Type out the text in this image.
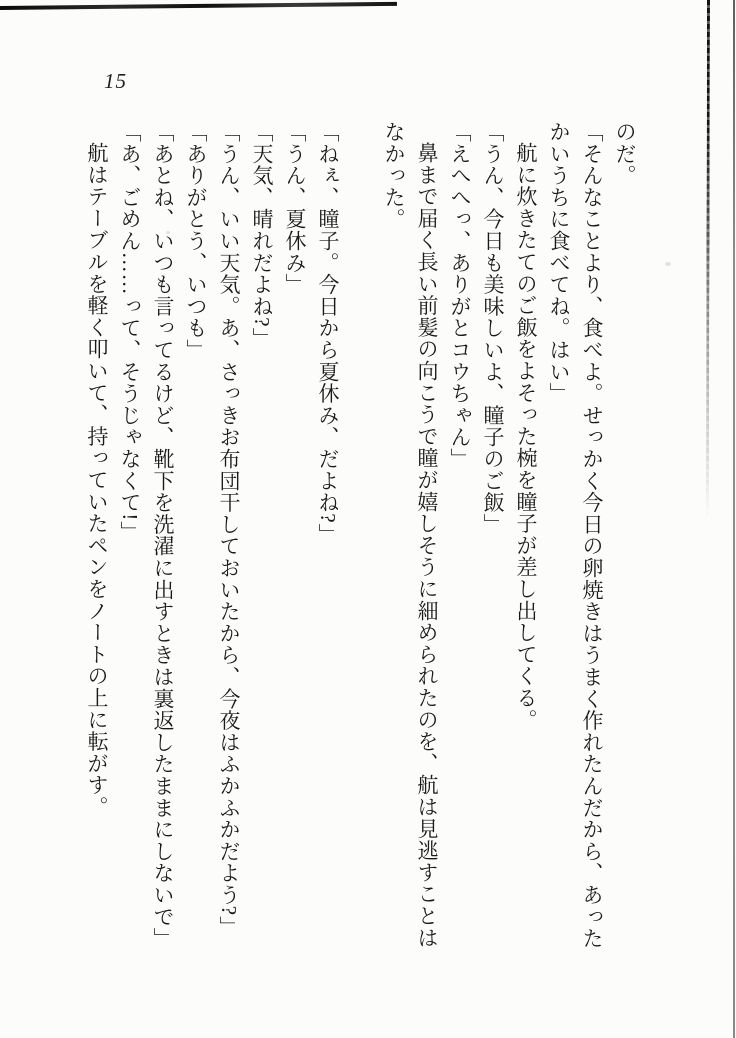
15

のだ。

「そんなことより、食べよ。せっかく今日の卵焼きはうまく作れたんだから、あったかいうちに食べてね。はい」

航に炊きたてのご飯をよそった椀を瞳子が差し出してくる。

「うん、今日も美味しいよ、瞳子のご飯」

「えへへっ、ありがとコウちゃん」

鼻まで届く長い前髪の向こうで瞳が嬉しそうに細められたのを、航は見逃すことはなかった。

「ねぇ、瞳子。今日から夏休み、だよね?」

「うん、夏休み」

「天気、晴れだよね?」

「うん、いい天気。あ、さっきお布団干しておいたから、今夜はふかふかだよう?」

「ありがとう、いつも」

「あとね、いつも言ってるけど、靴下を洗濯に出すときは裏返したままにしないで」

「あ、ごめん……って、そうじゃなくて!」

航はテーブルを軽く叩いて、持っていたペンをノートの上に転がす。
